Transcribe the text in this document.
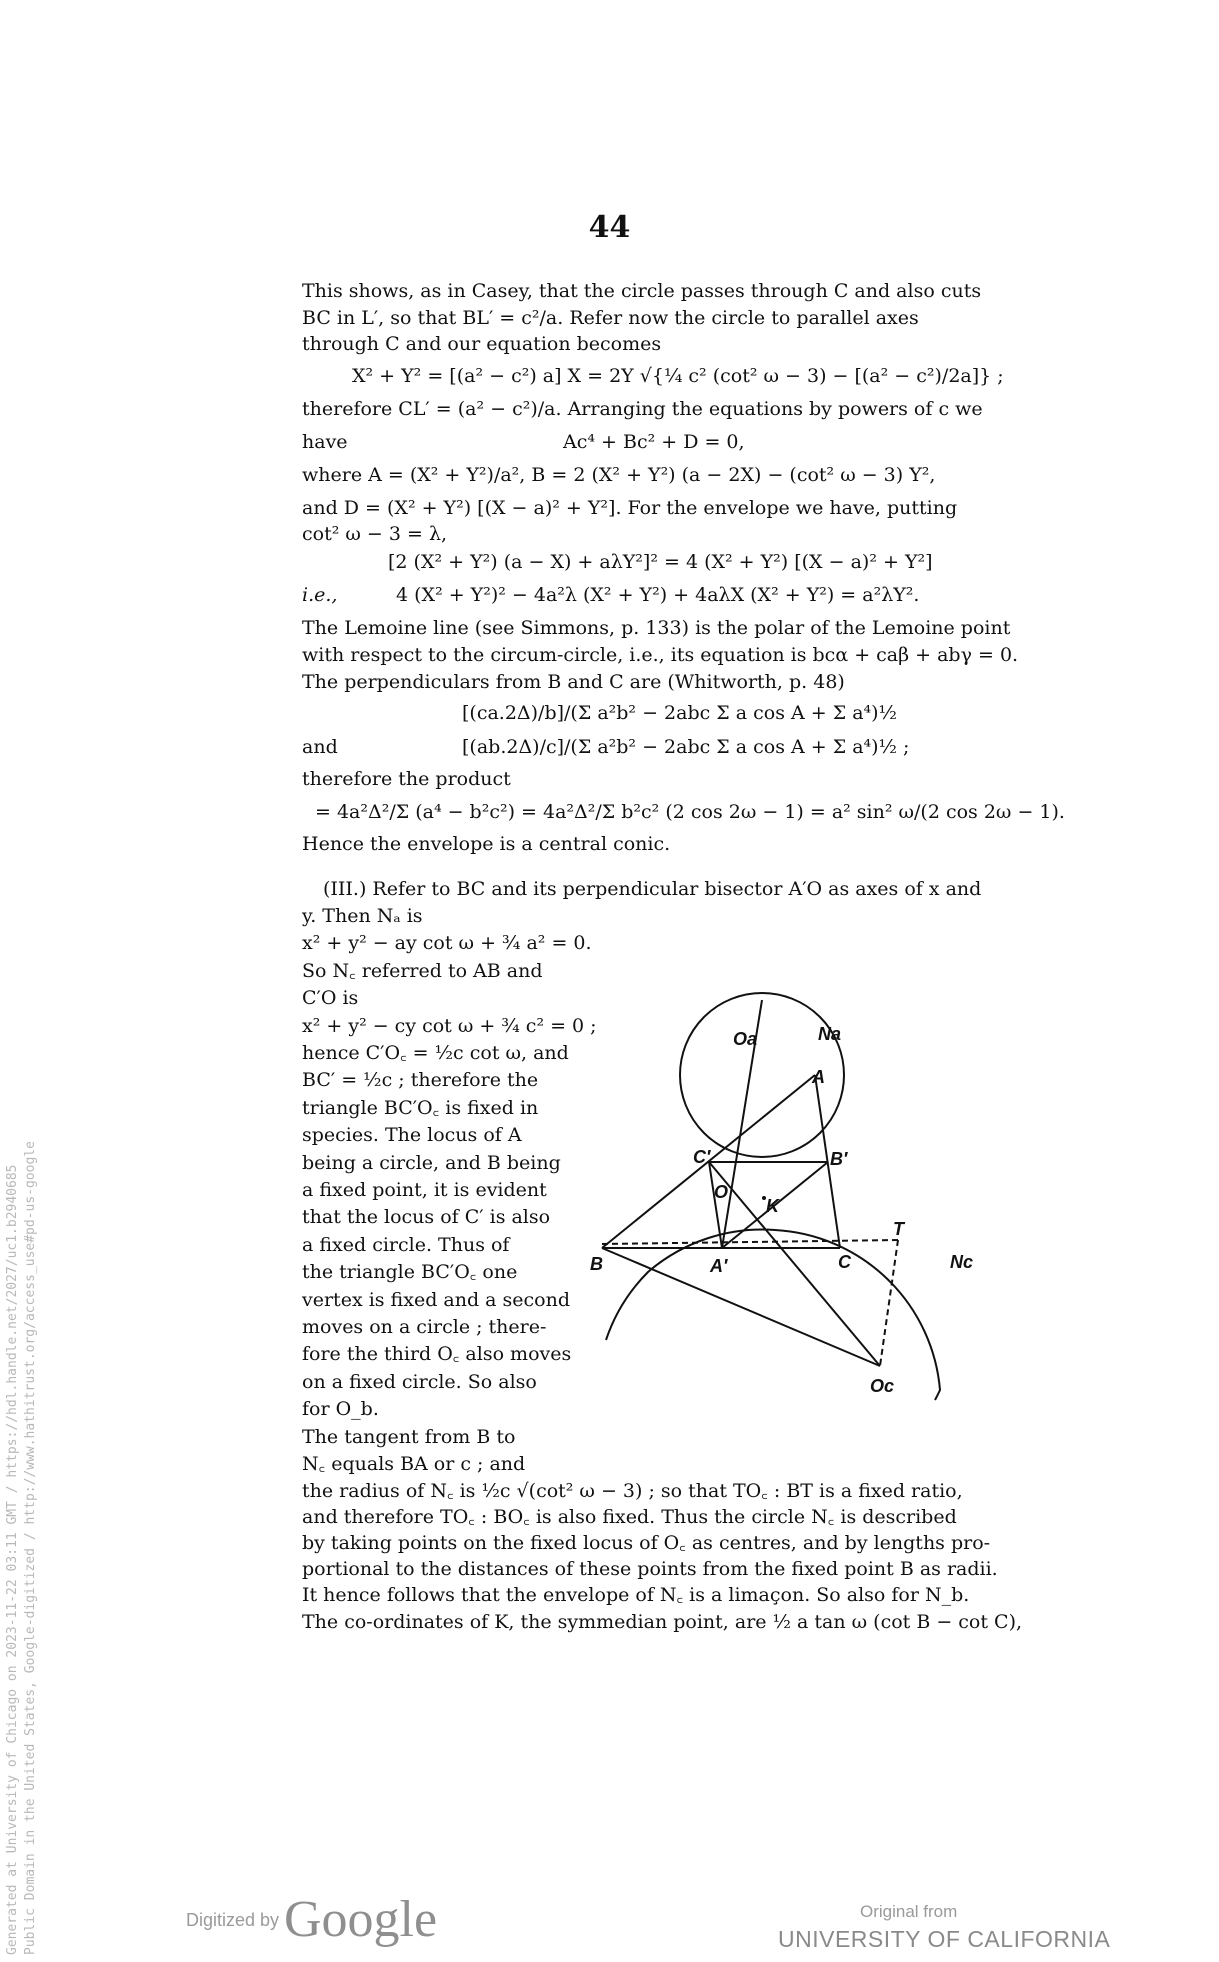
44
This shows, as in Casey, that the circle passes through C and also cuts
BC in L′, so that BL′ = c²/a. Refer now the circle to parallel axes
through C and our equation becomes
X² + Y² = [(a² − c²) a] X = 2Y √{¼ c² (cot² ω − 3) − [(a² − c²)/2a]} ;
therefore CL′ = (a² − c²)/a. Arranging the equations by powers of c we
have	Ac⁴ + Bc² + D = 0,
where A = (X² + Y²)/a², B = 2 (X² + Y²) (a − 2X) − (cot² ω − 3) Y²,
and D = (X² + Y²) [(X − a)² + Y²]. For the envelope we have, putting
cot² ω − 3 = λ,
[2 (X² + Y²) (a − X) + aλY²]² = 4 (X² + Y²) [(X − a)² + Y²]
i.e.,	4 (X² + Y²)² − 4a²λ (X² + Y²) + 4aλX (X² + Y²) = a²λY².
The Lemoine line (see Simmons, p. 133) is the polar of the Lemoine point
with respect to the circum-circle, i.e., its equation is bcα + caβ + abγ = 0.
The perpendiculars from B and C are (Whitworth, p. 48)
[(ca.2Δ)/b]/(Σ a²b² − 2abc Σ a cos A + Σ a⁴)½
and	[(ab.2Δ)/c]/(Σ a²b² − 2abc Σ a cos A + Σ a⁴)½ ;
therefore the product
= 4a²Δ²/Σ (a⁴ − b²c²) = 4a²Δ²/Σ b²c² (2 cos 2ω − 1) = a² sin² ω/(2 cos 2ω − 1).
Hence the envelope is a central conic.
(III.) Refer to BC and its perpendicular bisector A′O as axes of x and
y. Then Nₐ is
x² + y² − ay cot ω + ¾ a² = 0.
So N꜀ referred to AB and
C′O is
x² + y² − cy cot ω + ¾ c² = 0 ;
hence C′O꜀ = ½c cot ω, and
BC′ = ½c ; therefore the
triangle BC′O꜀ is fixed in
species. The locus of A
being a circle, and B being
a fixed point, it is evident
that the locus of C′ is also
a fixed circle. Thus of
the triangle BC′O꜀ one
vertex is fixed and a second
moves on a circle ; there-
fore the third O꜀ also moves
on a fixed circle. So also
for O_b.
The tangent from B to
N꜀ equals BA or c ; and
the radius of N꜀ is ½c √(cot² ω − 3) ; so that TO꜀ : BT is a fixed ratio,
and therefore TO꜀ : BO꜀ is also fixed. Thus the circle N꜀ is described
by taking points on the fixed locus of O꜀ as centres, and by lengths pro-
portional to the distances of these points from the fixed point B as radii.
It hence follows that the envelope of N꜀ is a limaçon. So also for N_b.
The co-ordinates of K, the symmedian point, are ½ a tan ω (cot B − cot C),
Oa	Na
A
C′	B′
O
K
B	A′	C
T
Nc
Oc
Generated at University of Chicago on 2023-11-22 03:11 GMT / https://hdl.handle.net/2027/uc1.b2940685 Public Domain in the United States, Google-digitized / http://www.hathitrust.org/access_use#pd-us-google	Digitized by Google	Original from
UNIVERSITY OF CALIFORNIA
